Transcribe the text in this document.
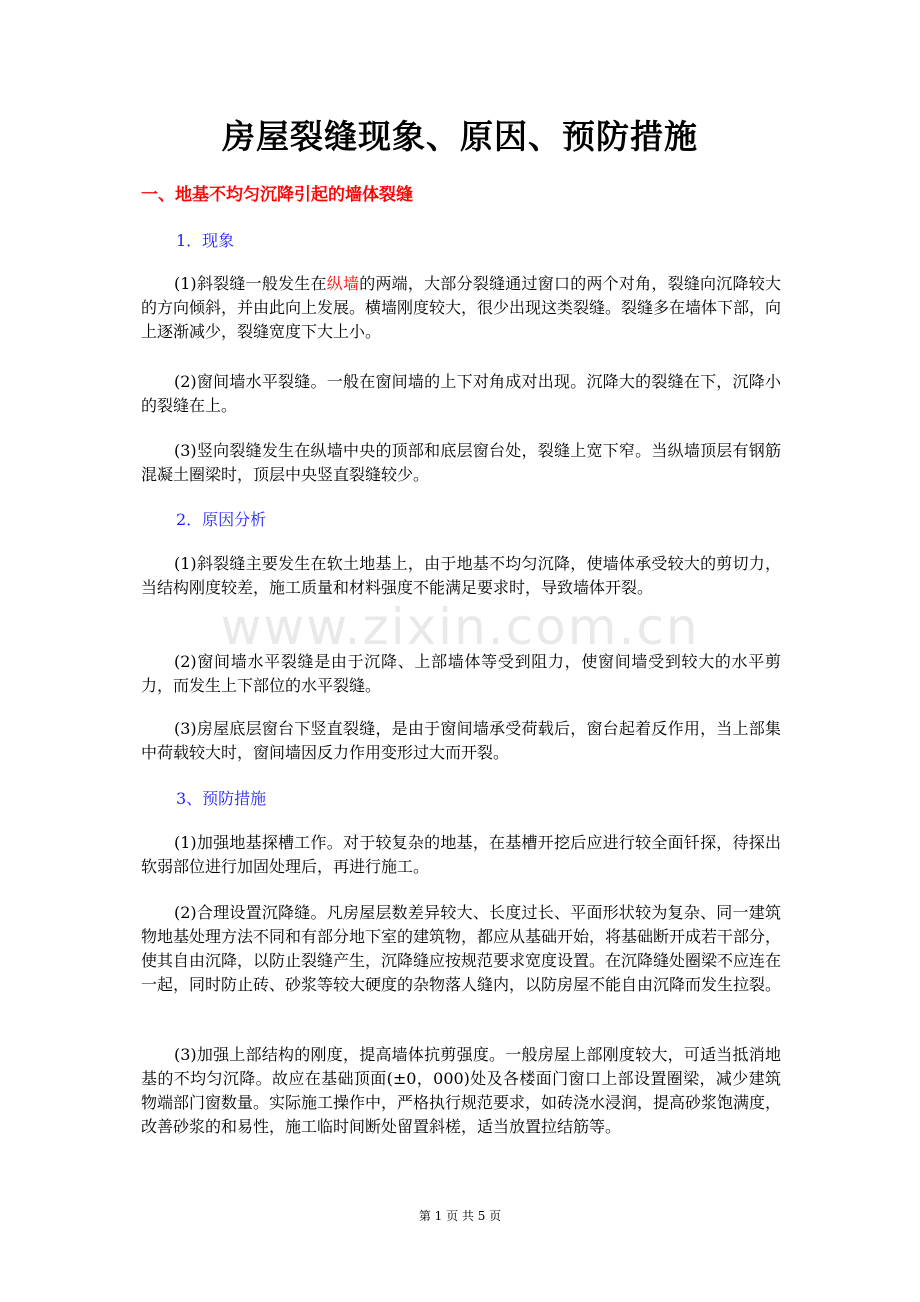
房屋裂缝现象、原因、预防措施
一、地基不均匀沉降引起的墙体裂缝
1．现象

(1)斜裂缝一般发生在纵墙的两端，大部分裂缝通过窗口的两个对角，裂缝向沉降较大的方向倾斜，并由此向上发展。横墙刚度较大，很少出现这类裂缝。裂缝多在墙体下部，向上逐渐减少，裂缝宽度下大上小。

(2)窗间墙水平裂缝。一般在窗间墙的上下对角成对出现。沉降大的裂缝在下，沉降小的裂缝在上。

(3)竖向裂缝发生在纵墙中央的顶部和底层窗台处，裂缝上宽下窄。当纵墙顶层有钢筋混凝土圈梁时，顶层中央竖直裂缝较少。

2．原因分析

(1)斜裂缝主要发生在软土地基上，由于地基不均匀沉降，使墙体承受较大的剪切力，当结构刚度较差，施工质量和材料强度不能满足要求时，导致墙体开裂。

(2)窗间墙水平裂缝是由于沉降、上部墙体等受到阻力，使窗间墙受到较大的水平剪力，而发生上下部位的水平裂缝。

(3)房屋底层窗台下竖直裂缝，是由于窗间墙承受荷载后，窗台起着反作用，当上部集中荷载较大时，窗间墙因反力作用变形过大而开裂。

3、预防措施

(1)加强地基探槽工作。对于较复杂的地基，在基槽开挖后应进行较全面钎探，待探出软弱部位进行加固处理后，再进行施工。

(2)合理设置沉降缝。凡房屋层数差异较大、长度过长、平面形状较为复杂、同一建筑物地基处理方法不同和有部分地下室的建筑物，都应从基础开始，将基础断开成若干部分，使其自由沉降，以防止裂缝产生，沉降缝应按规范要求宽度设置。在沉降缝处圈梁不应连在一起，同时防止砖、砂浆等较大硬度的杂物落人缝内，以防房屋不能自由沉降而发生拉裂。

(3)加强上部结构的刚度，提高墙体抗剪强度。一般房屋上部刚度较大，可适当抵消地基的不均匀沉降。故应在基础顶面(±0，000)处及各楼面门窗口上部设置圈梁，减少建筑物端部门窗数量。实际施工操作中，严格执行规范要求，如砖浇水浸润，提高砂浆饱满度，改善砂浆的和易性，施工临时间断处留置斜槎，适当放置拉结筋等。

www.zixin.com.cn
第 1 页 共 5 页
